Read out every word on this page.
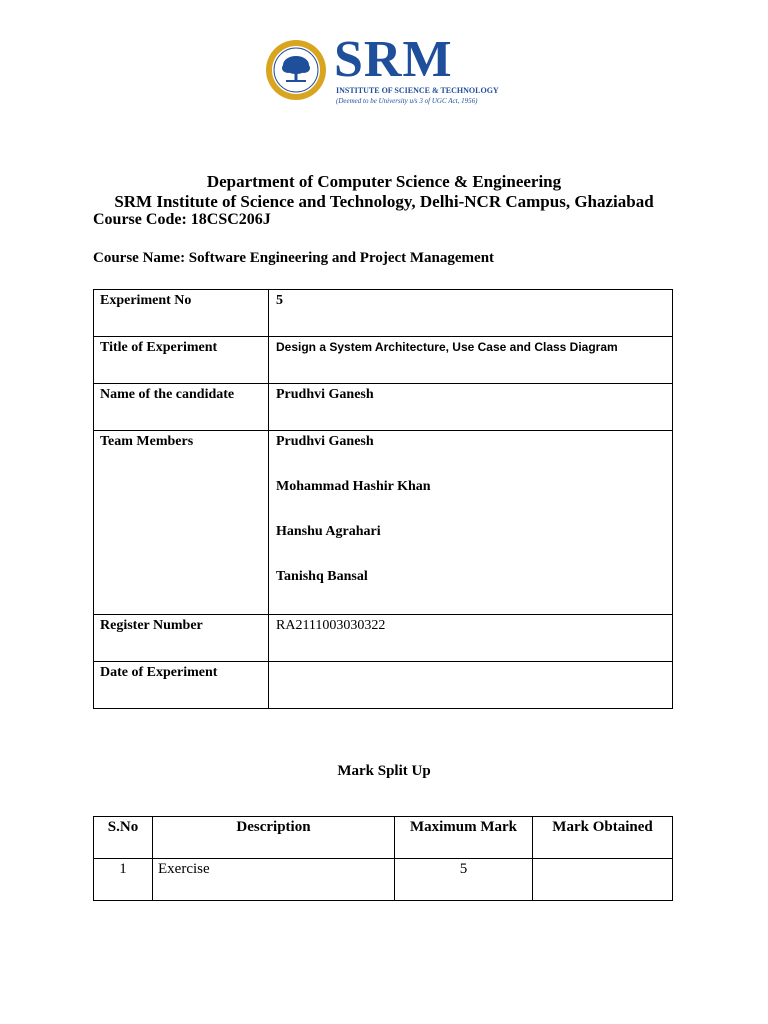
SRM
INSTITUTE OF SCIENCE & TECHNOLOGY
(Deemed to be University u/s 3 of UGC Act, 1956)
Department of Computer Science & Engineering
SRM Institute of Science and Technology, Delhi-NCR Campus, Ghaziabad
Course Code: 18CSC206J
Course Name: Software Engineering and Project Management
Experiment No	5
Title of Experiment	Design a System Architecture, Use Case and Class Diagram
Name of the candidate	Prudhvi Ganesh
Team Members	Prudhvi Ganesh
Mohammad Hashir Khan
Hanshu Agrahari
Tanishq Bansal

Register Number	RA2111003030322
Date of Experiment	
Mark Split Up
S.No	Description	Maximum Mark	Mark Obtained
1	Exercise	5	
